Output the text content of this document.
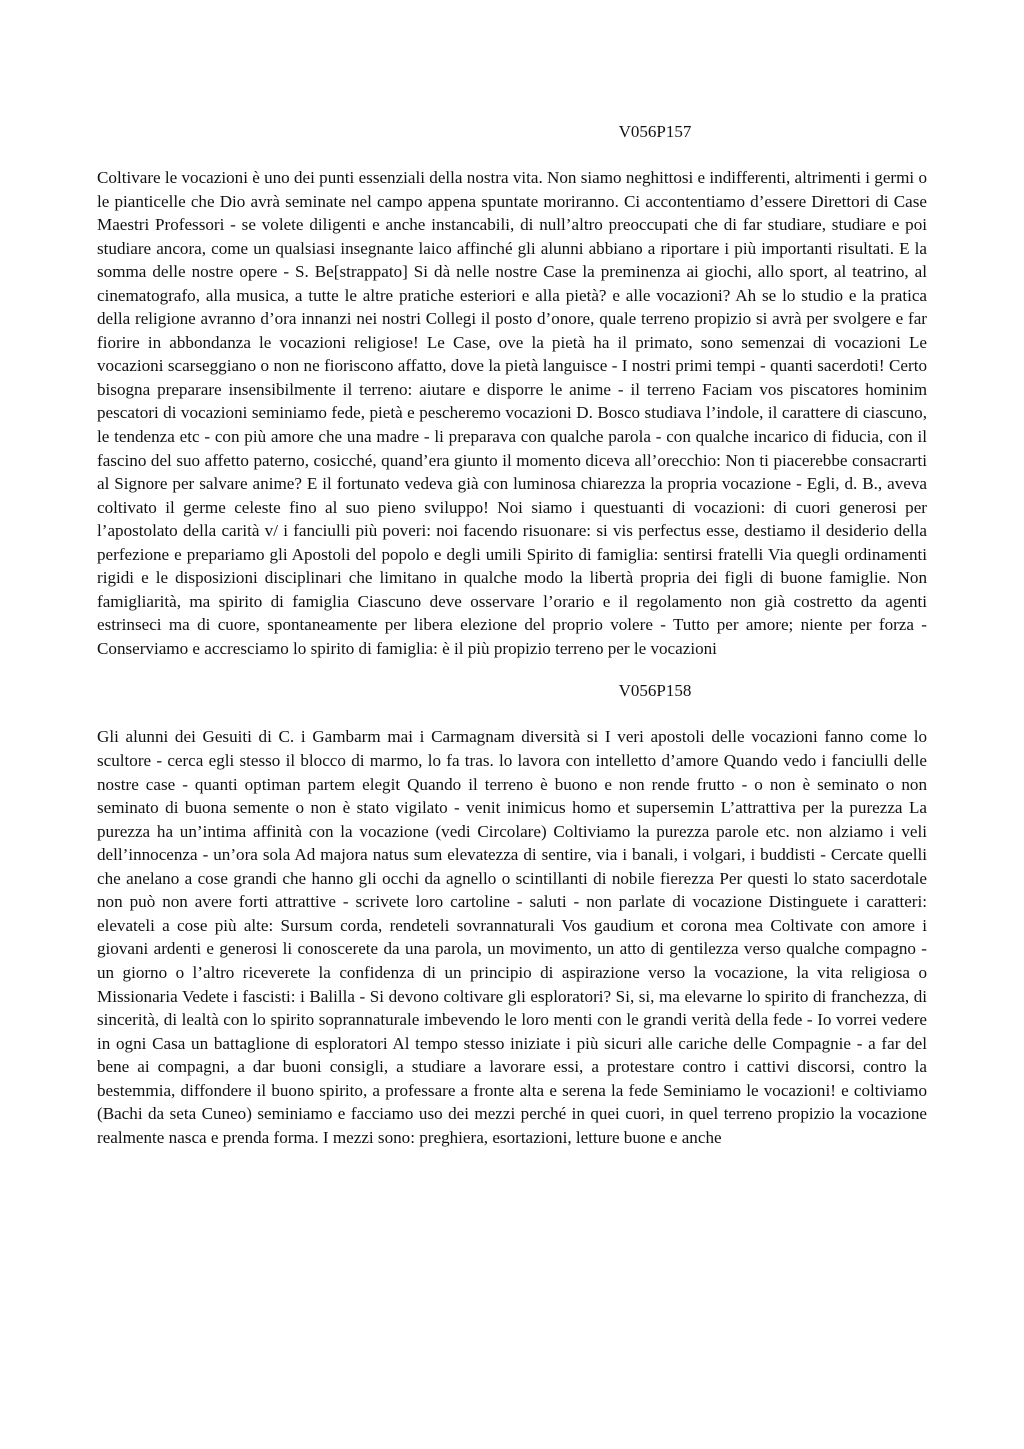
V056P157

Coltivare le vocazioni è uno dei punti essenziali della nostra vita. Non siamo neghittosi e indifferenti, altrimenti i germi o le pianticelle che Dio avrà seminate nel campo appena spuntate moriranno. Ci accontentiamo d’essere Direttori di Case Maestri Professori - se volete diligenti e anche instancabili, di null’altro preoccupati che di far studiare, studiare e poi studiare ancora, come un qualsiasi insegnante laico affinché gli alunni abbiano a riportare i più importanti risultati. E la somma delle nostre opere - S. Be[strappato] Si dà nelle nostre Case la preminenza ai giochi, allo sport, al teatrino, al cinematografo, alla musica, a tutte le altre pratiche esteriori e alla pietà? e alle vocazioni? Ah se lo studio e la pratica della religione avranno d’ora innanzi nei nostri Collegi il posto d’onore, quale terreno propizio si avrà per svolgere e far fiorire in abbondanza le vocazioni religiose! Le Case, ove la pietà ha il primato, sono semenzai di vocazioni Le vocazioni scarseggiano o non ne fioriscono affatto, dove la pietà languisce - I nostri primi tempi - quanti sacerdoti! Certo bisogna preparare insensibilmente il terreno: aiutare e disporre le anime - il terreno Faciam vos piscatores hominim pescatori di vocazioni seminiamo fede, pietà e pescheremo vocazioni D. Bosco studiava l’indole, il carattere di ciascuno, le tendenza etc - con più amore che una madre - li preparava con qualche parola - con qualche incarico di fiducia, con il fascino del suo affetto paterno, cosicché, quand’era giunto il momento diceva all’orecchio: Non ti piacerebbe consacrarti al Signore per salvare anime? E il fortunato vedeva già con luminosa chiarezza la propria vocazione - Egli, d. B., aveva coltivato il germe celeste fino al suo pieno sviluppo! Noi siamo i questuanti di vocazioni: di cuori generosi per l’apostolato della carità v/ i fanciulli più poveri: noi facendo risuonare: si vis perfectus esse, destiamo il desiderio della perfezione e prepariamo gli Apostoli del popolo e degli umili Spirito di famiglia: sentirsi fratelli Via quegli ordinamenti rigidi e le disposizioni disciplinari che limitano in qualche modo la libertà propria dei figli di buone famiglie. Non famigliarità, ma spirito di famiglia Ciascuno deve osservare l’orario e il regolamento non già costretto da agenti estrinseci ma di cuore, spontaneamente per libera elezione del proprio volere - Tutto per amore; niente per forza - Conserviamo e accresciamo lo spirito di famiglia: è il più propizio terreno per le vocazioni

V056P158

Gli alunni dei Gesuiti di C. i Gambarm mai i Carmagnam diversità si I veri apostoli delle vocazioni fanno come lo scultore - cerca egli stesso il blocco di marmo, lo fa tras. lo lavora con intelletto d’amore Quando vedo i fanciulli delle nostre case - quanti optiman partem elegit Quando il terreno è buono e non rende frutto - o non è seminato o non seminato di buona semente o non è stato vigilato - venit inimicus homo et supersemin L’attrattiva per la purezza La purezza ha un’intima affinità con la vocazione (vedi Circolare) Coltiviamo la purezza parole etc. non alziamo i veli dell’innocenza - un’ora sola Ad majora natus sum elevatezza di sentire, via i banali, i volgari, i buddisti - Cercate quelli che anelano a cose grandi che hanno gli occhi da agnello o scintillanti di nobile fierezza Per questi lo stato sacerdotale non può non avere forti attrattive - scrivete loro cartoline - saluti - non parlate di vocazione Distinguete i caratteri: elevateli a cose più alte: Sursum corda, rendeteli sovrannaturali Vos gaudium et corona mea Coltivate con amore i giovani ardenti e generosi li conoscerete da una parola, un movimento, un atto di gentilezza verso qualche compagno - un giorno o l’altro riceverete la confidenza di un principio di aspirazione verso la vocazione, la vita religiosa o Missionaria Vedete i fascisti: i Balilla - Si devono coltivare gli esploratori? Si, si, ma elevarne lo spirito di franchezza, di sincerità, di lealtà con lo spirito soprannaturale imbevendo le loro menti con le grandi verità della fede - Io vorrei vedere in ogni Casa un battaglione di esploratori Al tempo stesso iniziate i più sicuri alle cariche delle Compagnie - a far del bene ai compagni, a dar buoni consigli, a studiare a lavorare essi, a protestare contro i cattivi discorsi, contro la bestemmia, diffondere il buono spirito, a professare a fronte alta e serena la fede Seminiamo le vocazioni! e coltiviamo (Bachi da seta Cuneo) seminiamo e facciamo uso dei mezzi perché in quei cuori, in quel terreno propizio la vocazione realmente nasca e prenda forma. I mezzi sono: preghiera, esortazioni, letture buone e anche
